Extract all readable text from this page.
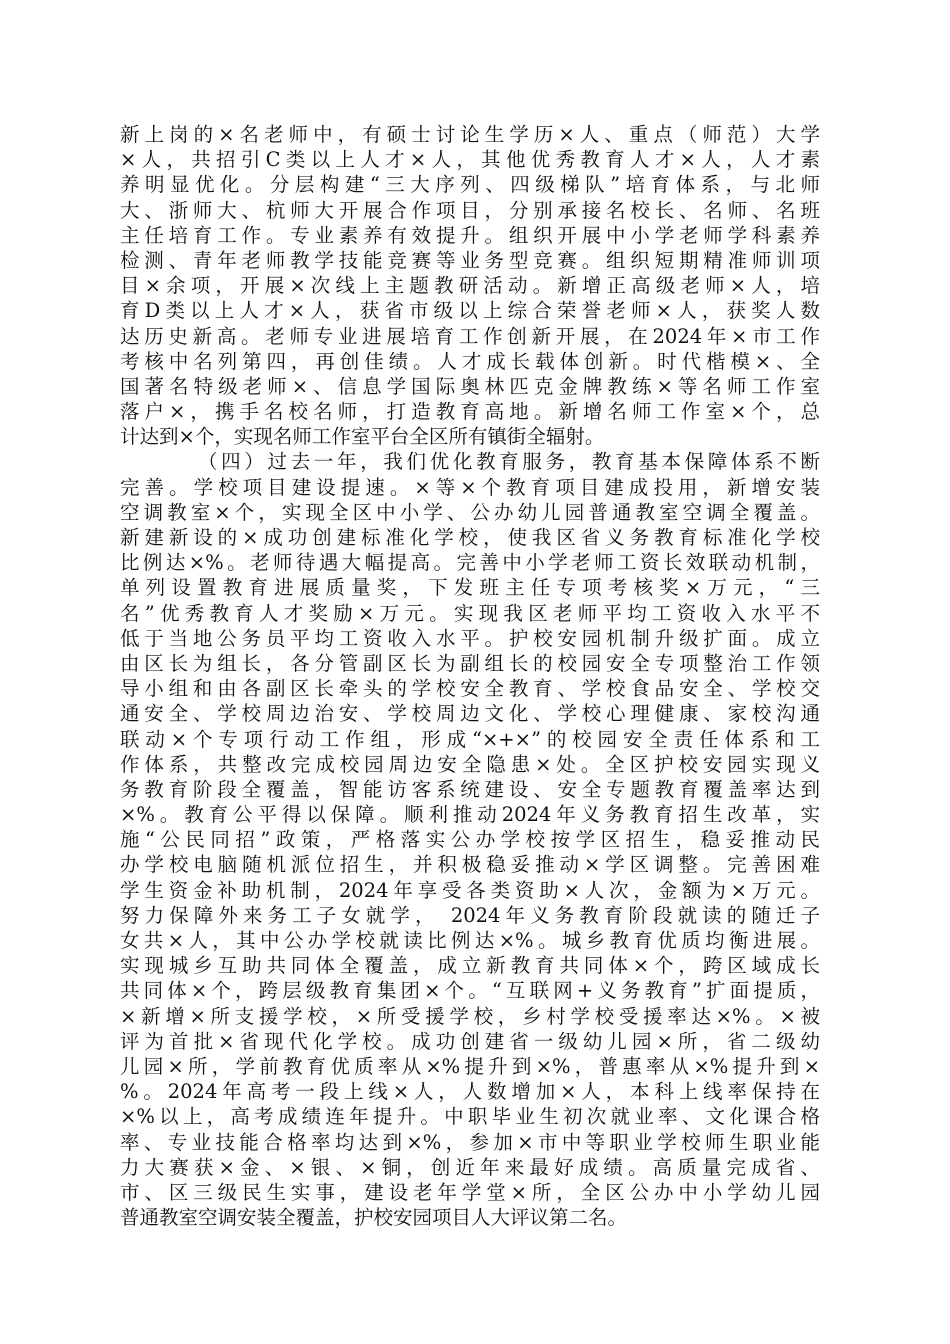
新上岗的×名老师中，有硕士讨论生学历×人、重点（师范）大学
×人，共招引C类以上人才×人，其他优秀教育人才×人，人才素
养明显优化。分层构建“三大序列、四级梯队”培育体系，与北师
大、浙师大、杭师大开展合作项目，分别承接名校长、名师、名班
主任培育工作。专业素养有效提升。组织开展中小学老师学科素养
检测、青年老师教学技能竞赛等业务型竞赛。组织短期精准师训项
目×余项，开展×次线上主题教研活动。新增正高级老师×人，培
育D类以上人才×人，获省市级以上综合荣誉老师×人，获奖人数
达历史新高。老师专业进展培育工作创新开展，在2024年×市工作
考核中名列第四，再创佳绩。人才成长载体创新。时代楷模×、全
国著名特级老师×、信息学国际奥林匹克金牌教练×等名师工作室
落户×，携手名校名师，打造教育高地。新增名师工作室×个，总
计达到×个，实现名师工作室平台全区所有镇街全辐射。
（四）过去一年，我们优化教育服务，教育基本保障体系不断
完善。学校项目建设提速。×等×个教育项目建成投用，新增安装
空调教室×个，实现全区中小学、公办幼儿园普通教室空调全覆盖。
新建新设的×成功创建标准化学校，使我区省义务教育标准化学校
比例达×%。老师待遇大幅提高。完善中小学老师工资长效联动机制，
单列设置教育进展质量奖，下发班主任专项考核奖×万元，“三
名”优秀教育人才奖励×万元。实现我区老师平均工资收入水平不
低于当地公务员平均工资收入水平。护校安园机制升级扩面。成立
由区长为组长，各分管副区长为副组长的校园安全专项整治工作领
导小组和由各副区长牵头的学校安全教育、学校食品安全、学校交
通安全、学校周边治安、学校周边文化、学校心理健康、家校沟通
联动×个专项行动工作组，形成“×+×”的校园安全责任体系和工
作体系，共整改完成校园周边安全隐患×处。全区护校安园实现义
务教育阶段全覆盖，智能访客系统建设、安全专题教育覆盖率达到
×%。教育公平得以保障。顺利推动2024年义务教育招生改革，实
施“公民同招”政策，严格落实公办学校按学区招生，稳妥推动民
办学校电脑随机派位招生，并积极稳妥推动×学区调整。完善困难
学生资金补助机制，2024年享受各类资助×人次，金额为×万元。
努力保障外来务工子女就学， 2024年义务教育阶段就读的随迁子
女共×人，其中公办学校就读比例达×%。城乡教育优质均衡进展。
实现城乡互助共同体全覆盖，成立新教育共同体×个，跨区域成长
共同体×个，跨层级教育集团×个。“互联网+义务教育”扩面提质，
×新增×所支援学校，×所受援学校，乡村学校受援率达×%。×被
评为首批×省现代化学校。成功创建省一级幼儿园×所，省二级幼
儿园×所，学前教育优质率从×%提升到×%，普惠率从×%提升到×
%。2024年高考一段上线×人，人数增加×人，本科上线率保持在
×%以上，高考成绩连年提升。中职毕业生初次就业率、文化课合格
率、专业技能合格率均达到×%，参加×市中等职业学校师生职业能
力大赛获×金、×银、×铜，创近年来最好成绩。高质量完成省、
市、区三级民生实事，建设老年学堂×所，全区公办中小学幼儿园
普通教室空调安装全覆盖，护校安园项目人大评议第二名。
